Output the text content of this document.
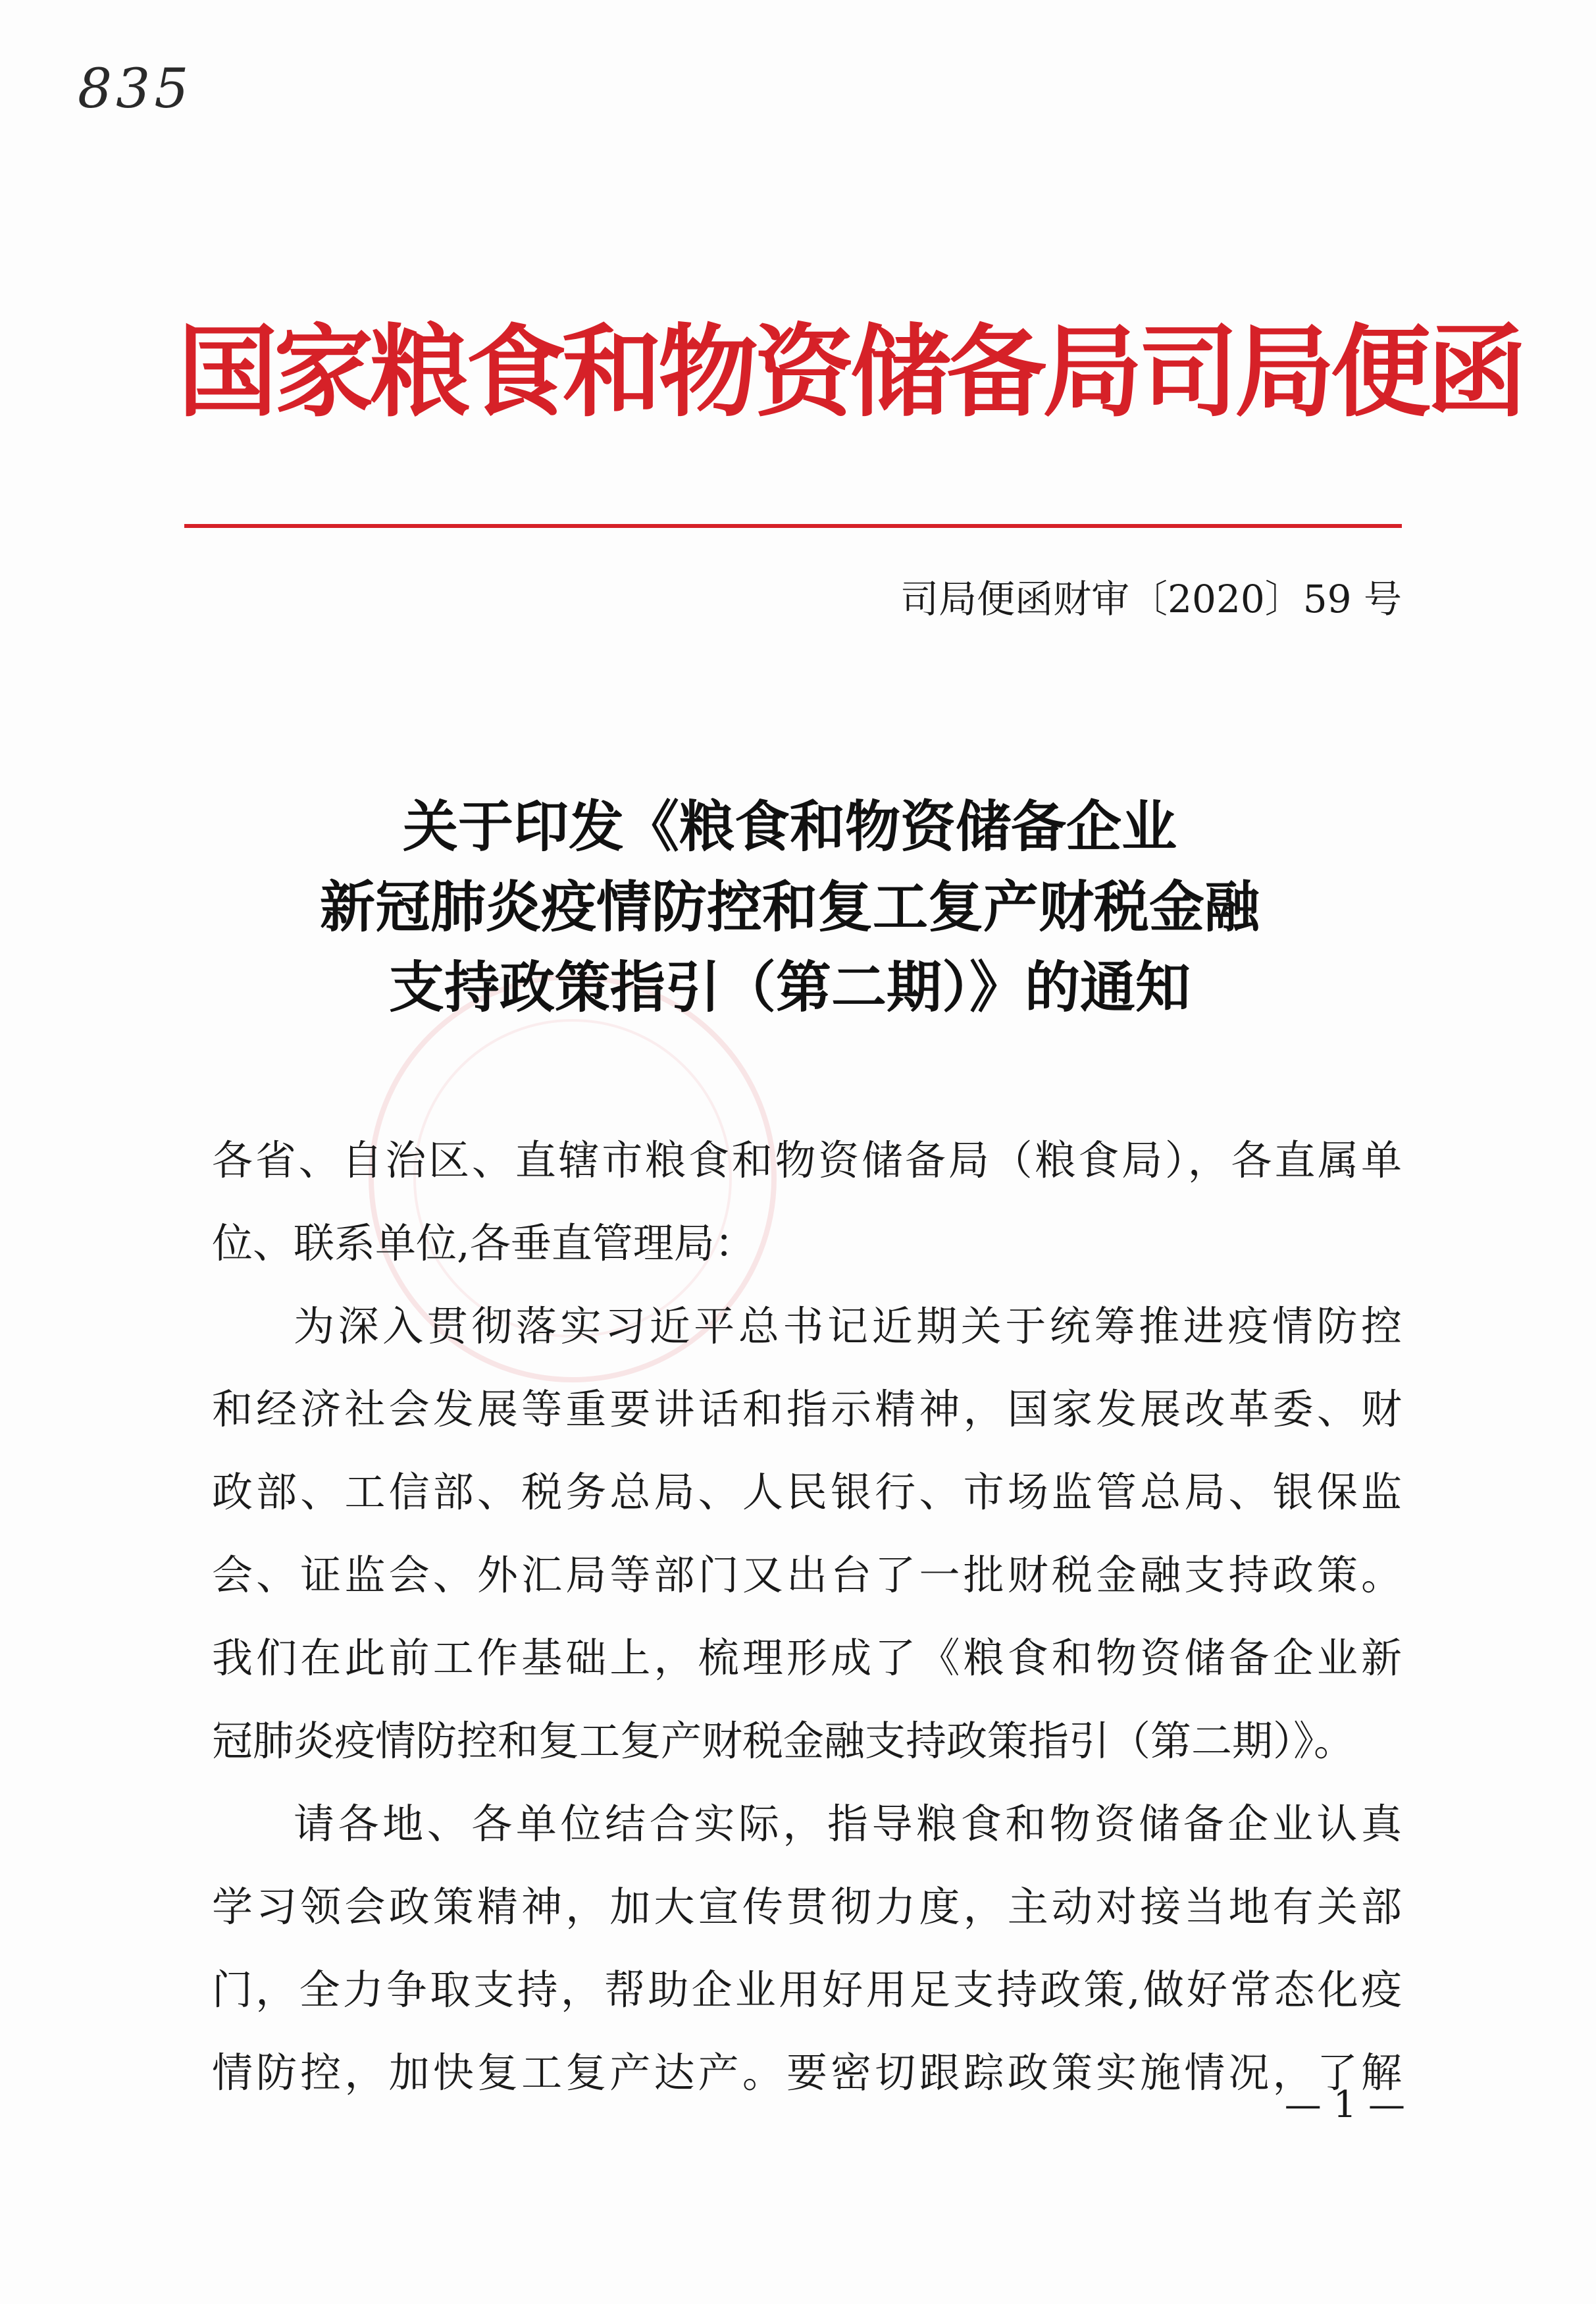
835
国家粮食和物资储备局司局便函
司局便函财审〔2020〕59 号
关于印发《粮食和物资储备企业
新冠肺炎疫情防控和复工复产财税金融
支持政策指引（第二期）》的通知
各省、自治区、直辖市粮食和物资储备局（粮食局），各直属单
位、联系单位,各垂直管理局：
为深入贯彻落实习近平总书记近期关于统筹推进疫情防控
和经济社会发展等重要讲话和指示精神，国家发展改革委、财
政部、工信部、税务总局、人民银行、市场监管总局、银保监
会、证监会、外汇局等部门又出台了一批财税金融支持政策。
我们在此前工作基础上，梳理形成了《粮食和物资储备企业新
冠肺炎疫情防控和复工复产财税金融支持政策指引（第二期）》。
请各地、各单位结合实际，指导粮食和物资储备企业认真
学习领会政策精神，加大宣传贯彻力度，主动对接当地有关部
门，全力争取支持，帮助企业用好用足支持政策,做好常态化疫
情防控，加快复工复产达产。要密切跟踪政策实施情况，了解
— 1 —
